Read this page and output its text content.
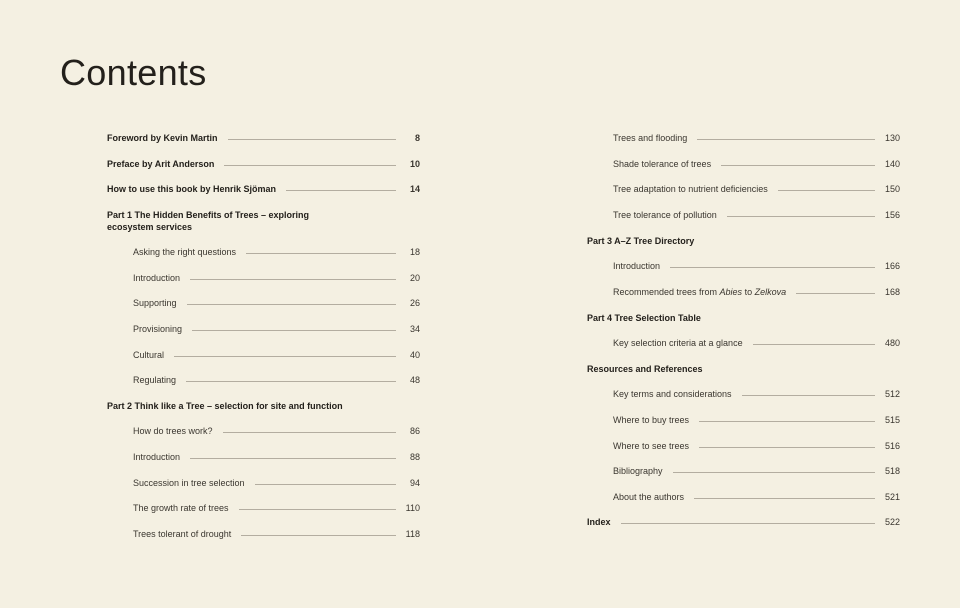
Contents
Foreword by Kevin Martin	8
Preface by Arit Anderson	10
How to use this book by Henrik Sjöman	14
Part 1 The Hidden Benefits of Trees – exploring ecosystem services
Asking the right questions	18
Introduction	20
Supporting	26
Provisioning	34
Cultural	40
Regulating	48
Part 2 Think like a Tree – selection for site and function
How do trees work?	86
Introduction	88
Succession in tree selection	94
The growth rate of trees	110
Trees tolerant of drought	118
Trees and flooding	130
Shade tolerance of trees	140
Tree adaptation to nutrient deficiencies	150
Tree tolerance of pollution	156
Part 3 A–Z Tree Directory
Introduction	166
Recommended trees from Abies to Zelkova	168
Part 4 Tree Selection Table
Key selection criteria at a glance	480
Resources and References
Key terms and considerations	512
Where to buy trees	515
Where to see trees	516
Bibliography	518
About the authors	521
Index	522
